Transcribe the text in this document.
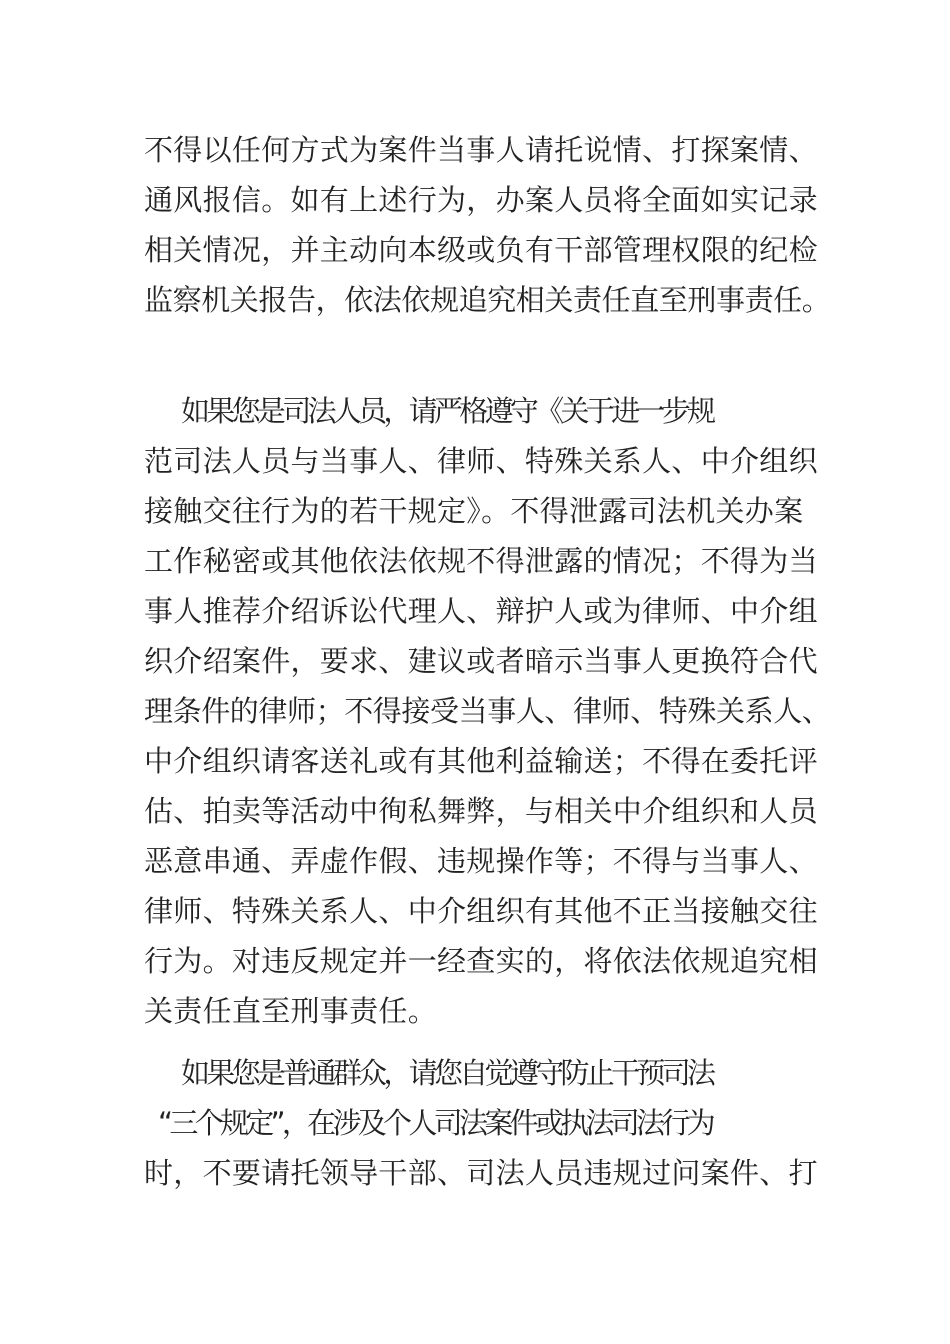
不得以任何方式为案件当事人请托说情、打探案情、

通风报信。如有上述行为，办案人员将全面如实记录

相关情况，并主动向本级或负有干部管理权限的纪检

监察机关报告，依法依规追究相关责任直至刑事责任。

如果您是司法人员，请严格遵守《关于进一步规

范司法人员与当事人、律师、特殊关系人、中介组织

接触交往行为的若干规定》。不得泄露司法机关办案

工作秘密或其他依法依规不得泄露的情况；不得为当

事人推荐介绍诉讼代理人、辩护人或为律师、中介组

织介绍案件，要求、建议或者暗示当事人更换符合代

理条件的律师；不得接受当事人、律师、特殊关系人、

中介组织请客送礼或有其他利益输送；不得在委托评

估、拍卖等活动中徇私舞弊，与相关中介组织和人员

恶意串通、弄虚作假、违规操作等；不得与当事人、

律师、特殊关系人、中介组织有其他不正当接触交往

行为。对违反规定并一经查实的，将依法依规追究相

关责任直至刑事责任。

如果您是普通群众，请您自觉遵守防止干预司法

“三个规定”，在涉及个人司法案件或执法司法行为

时，不要请托领导干部、司法人员违规过问案件、打
